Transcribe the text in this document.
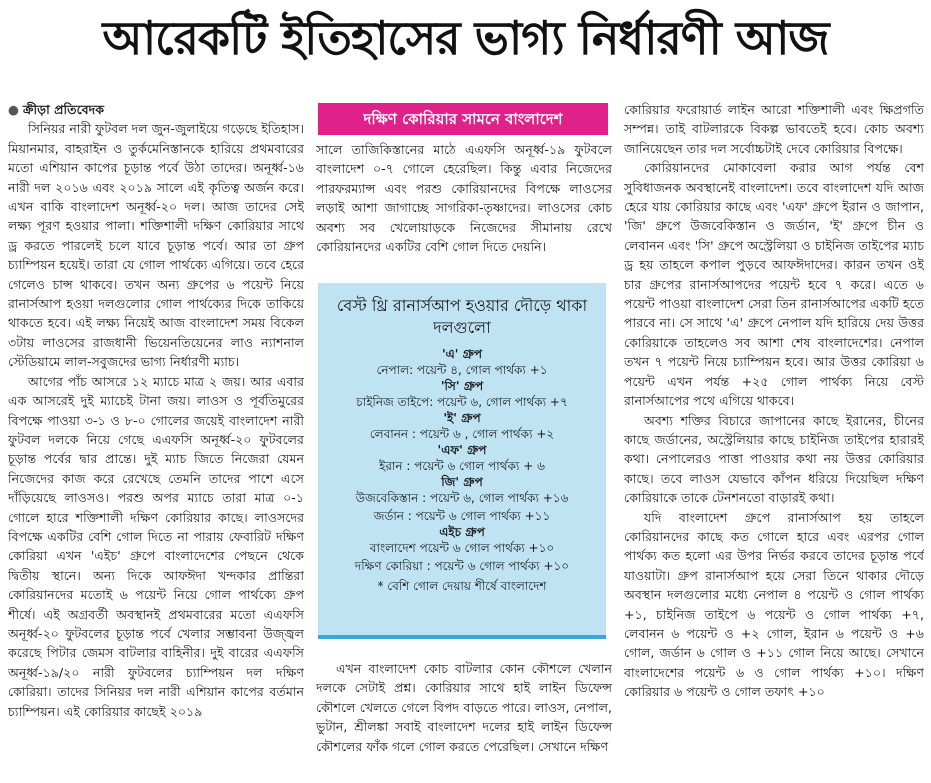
আরেকটি ইতিহাসের ভাগ্য নির্ধারণী আজ

● ক্রীড়া প্রতিবেদক

সিনিয়র নারী ফুটবল দল জুন-জুলাইয়ে গড়েছে ইতিহাস। মিয়ানমার, বাহরাইন ও তুর্কমেনিস্তানকে হারিয়ে প্রথমবারের মতো এশিয়ান কাপের চূড়ান্ত পর্বে উঠা তাদের। অনূর্ধ্ব-১৬ নারী দল ২০১৬ এবং ২০১৯ সালে এই কৃতিত্ব অর্জন করে। এখন বাকি বাংলাদেশ অনূর্ধ্ব-২০ দল। আজ তাদের সেই লক্ষ্য পূরণ হওয়ার পালা। শক্তিশালী দক্ষিণ কোরিয়ার সাথে ড্র করতে পারলেই চলে যাবে চূড়ান্ত পর্বে। আর তা গ্রুপ চ্যাম্পিয়ন হয়েই। তারা যে গোল পার্থক্যে এগিয়ে। তবে হেরে গেলেও চান্স থাকবে। তখন অন্য গ্রুপের ৬ পয়েন্ট নিয়ে রানার্সআপ হওয়া দলগুলোর গোল পার্থক্যের দিকে তাকিয়ে থাকতে হবে। এই লক্ষ্য নিয়েই আজ বাংলাদেশ সময় বিকেল ৩টায় লাওসের রাজধানী ভিয়েনতিয়েনের লাও ন্যাশনাল স্টেডিয়ামে লাল-সবুজদের ভাগ্য নির্ধারণী ম্যাচ।

আগের পাঁচ আসরে ১২ ম্যাচে মাত্র ২ জয়। আর এবার এক আসরেই দুই ম্যাচেই টানা জয়। লাওস ও পূর্বতিমুরের বিপক্ষে পাওয়া ৩-১ ও ৮-০ গোলের জয়েই বাংলাদেশ নারী ফুটবল দলকে নিয়ে গেছে এএফসি অনূর্ধ্ব-২০ ফুটবলের চূড়ান্ত পর্বের দ্বার প্রান্তে। দুই ম্যাচ জিতে নিজেরা যেমন নিজেদের কাজ করে রেখেছে তেমনি তাদের পাশে এসে দাঁড়িয়েছে লাওসও। পরশু অপর ম্যাচে তারা মাত্র ০-১ গোলে হারে শক্তিশালী দক্ষিণ কোরিয়ার কাছে। লাওসদের বিপক্ষে একটির বেশি গোল দিতে না পারায় ফেবারিট দক্ষিণ কোরিয়া এখন 'এইচ' গ্রুপে বাংলাদেশের পেছনে থেকে দ্বিতীয় স্থানে। অন্য দিকে আফঈদা খন্দকার প্রান্তিরা কোরিয়ানদের মতোই ৬ পয়েন্ট নিয়ে গোল পার্থক্যে গ্রুপ শীর্ষে। এই অগ্রবর্তী অবস্থানই প্রথমবারের মতো এএফসি অনূর্ধ্ব-২০ ফুটবলের চূড়ান্ত পর্বে খেলার সম্ভাবনা উজ্জ্বল করেছে পিটার জেমস বাটলার বাহিনীর। দুই বারের এএফসি অনূর্ধ্ব-১৯/২০ নারী ফুটবলের চ্যাম্পিয়ন দল দক্ষিণ কোরিয়া। তাদের সিনিয়র দল নারী এশিয়ান কাপের বর্তমান চ্যাম্পিয়ন। এই কোরিয়ার কাছেই ২০১৯

দক্ষিণ কোরিয়ার সামনে বাংলাদেশ

সালে তাজিকিস্তানের মাঠে এএফসি অনূর্ধ্ব-১৯ ফুটবলে বাংলাদেশ ০-৭ গোলে হেরেছিল। কিন্তু এবার নিজেদের পারফরম্যান্স এবং পরশু কোরিয়ানদের বিপক্ষে লাওসের লড়াই আশা জাগাচ্ছে সাগরিকা-তৃষ্ণাদের। লাওসের কোচ অবশ্য সব খেলোয়াড়কে নিজেদের সীমানায় রেখে কোরিয়ানদের একটির বেশি গোল দিতে দেয়নি।

বেস্ট থ্রি রানার্সআপ হওয়ার দৌড়ে থাকা দলগুলো
'এ' গ্রুপ
নেপাল: পয়েন্ট ৪, গোল পার্থক্য +১
'সি' গ্রুপ
চাইনিজ তাইপে: পয়েন্ট ৬, গোল পার্থক্য +৭
'ই' গ্রুপ
লেবানন : পয়েন্ট ৬ , গোল পার্থক্য +২
'এফ' গ্রুপ
ইরান : পয়েন্ট ৬ গোল পার্থক্য + ৬
জি' গ্রুপ
উজবেকিস্তান : পয়েন্ট ৬, গোল পার্থক্য +১৬
জর্ডান : পয়েন্ট ৬ গোল পার্থক্য +১১
এইচ গ্রুপ
বাংলাদেশ পয়েন্ট ৬ গোল পার্থক্য +১০
দক্ষিণ কোরিয়া : পয়েন্ট ৬ গোল পার্থক্য +১০
* বেশি গোল দেয়ায় শীর্ষে বাংলাদেশ

এখন বাংলাদেশ কোচ বাটলার কোন কৌশলে খেলান দলকে সেটাই প্রশ্ন। কোরিয়ার সাথে হাই লাইন ডিফেন্স কৌশলে খেলতে গেলে বিপদ বাড়তে পারে। লাওস, নেপাল, ভুটান, শ্রীলঙ্কা সবাই বাংলাদেশ দলের হাই লাইন ডিফেন্স কৌশলের ফাঁক গলে গোল করতে পেরেছিল। সেখানে দক্ষিণ

কোরিয়ার ফরোয়ার্ড লাইন আরো শক্তিশালী এবং ক্ষিপ্রগতি সম্পন্ন। তাই বাটলারকে বিকল্প ভাবতেই হবে। কোচ অবশ্য জানিয়েছেন তার দল সর্বোচ্চটাই দেবে কোরিয়ার বিপক্ষে।

কোরিয়ানদের মোকাবেলা করার আগ পর্যন্ত বেশ সুবিধাজনক অবস্থানেই বাংলাদেশ। তবে বাংলাদেশ যদি আজ হেরে যায় কোরিয়ার কাছে এবং 'এফ' গ্রুপে ইরান ও জাপান, 'জি' গ্রুপে উজবেকিস্তান ও জর্ডান, 'ই' গ্রুপে চীন ও লেবানন এবং 'সি' গ্রুপে অস্ট্রেলিয়া ও চাইনিজ তাইপের ম্যাচ ড্র হয় তাহলে কপাল পুড়বে আফঈদাদের। কারন তখন ওই চার গ্রুপের রানার্সআপদের পয়েন্ট হবে ৭ করে। এতে ৬ পয়েন্ট পাওয়া বাংলাদেশ সেরা তিন রানার্সআপের একটি হতে পারবে না। সে সাথে 'এ' গ্রুপে নেপাল যদি হারিয়ে দেয় উত্তর কোরিয়াকে তাহলেও সব আশা শেষ বাংলাদেশের। নেপাল তখন ৭ পয়েন্ট নিয়ে চ্যাম্পিয়ন হবে। আর উত্তর কোরিয়া ৬ পয়েন্ট এখন পর্যন্ত +২৫ গোল পার্থক্য নিয়ে বেস্ট রানার্সআপের পথে এগিয়ে থাকবে।

অবশ্য শক্তির বিচারে জাপানের কাছে ইরানের, চীনের কাছে জর্ডানের, অস্ট্রেলিয়ার কাছে চাইনিজ তাইপের হারারই কথা। নেপালেরও পাত্তা পাওয়ার কথা নয় উত্তর কোরিয়ার কাছে। তবে লাওস যেভাবে কাঁপন ধরিয়ে দিয়েছিল দক্ষিণ কোরিয়াকে তাকে টেনশনতো বাড়ারই কথা।

যদি বাংলাদেশ গ্রুপে রানার্সআপ হয় তাহলে কোরিয়ানদের কাছে কত গোলে হারে এবং এরপর গোল পার্থক্য কত হলো এর উপর নির্ভর করবে তাদের চূড়ান্ত পর্বে যাওয়াটা। গ্রুপ রানার্সআপ হয়ে সেরা তিনে থাকার দৌড়ে অবস্থান দলগুলোর মধ্যে নেপাল ৪ পয়েন্ট ও গোল পার্থক্য +১, চাইনিজ তাইপে ৬ পয়েন্ট ও গোল পার্থক্য +৭, লেবানন ৬ পয়েন্ট ও +২ গোল, ইরান ৬ পয়েন্ট ও +৬ গোল, জর্ডান ৬ গোল ও +১১ গোল নিয়ে আছে। সেখানে বাংলাদেশের পয়েন্ট ৬ ও গোল পার্থক্য +১০। দক্ষিণ কোরিয়ার ৬ পয়েন্ট ও গোল তফাৎ +১০
